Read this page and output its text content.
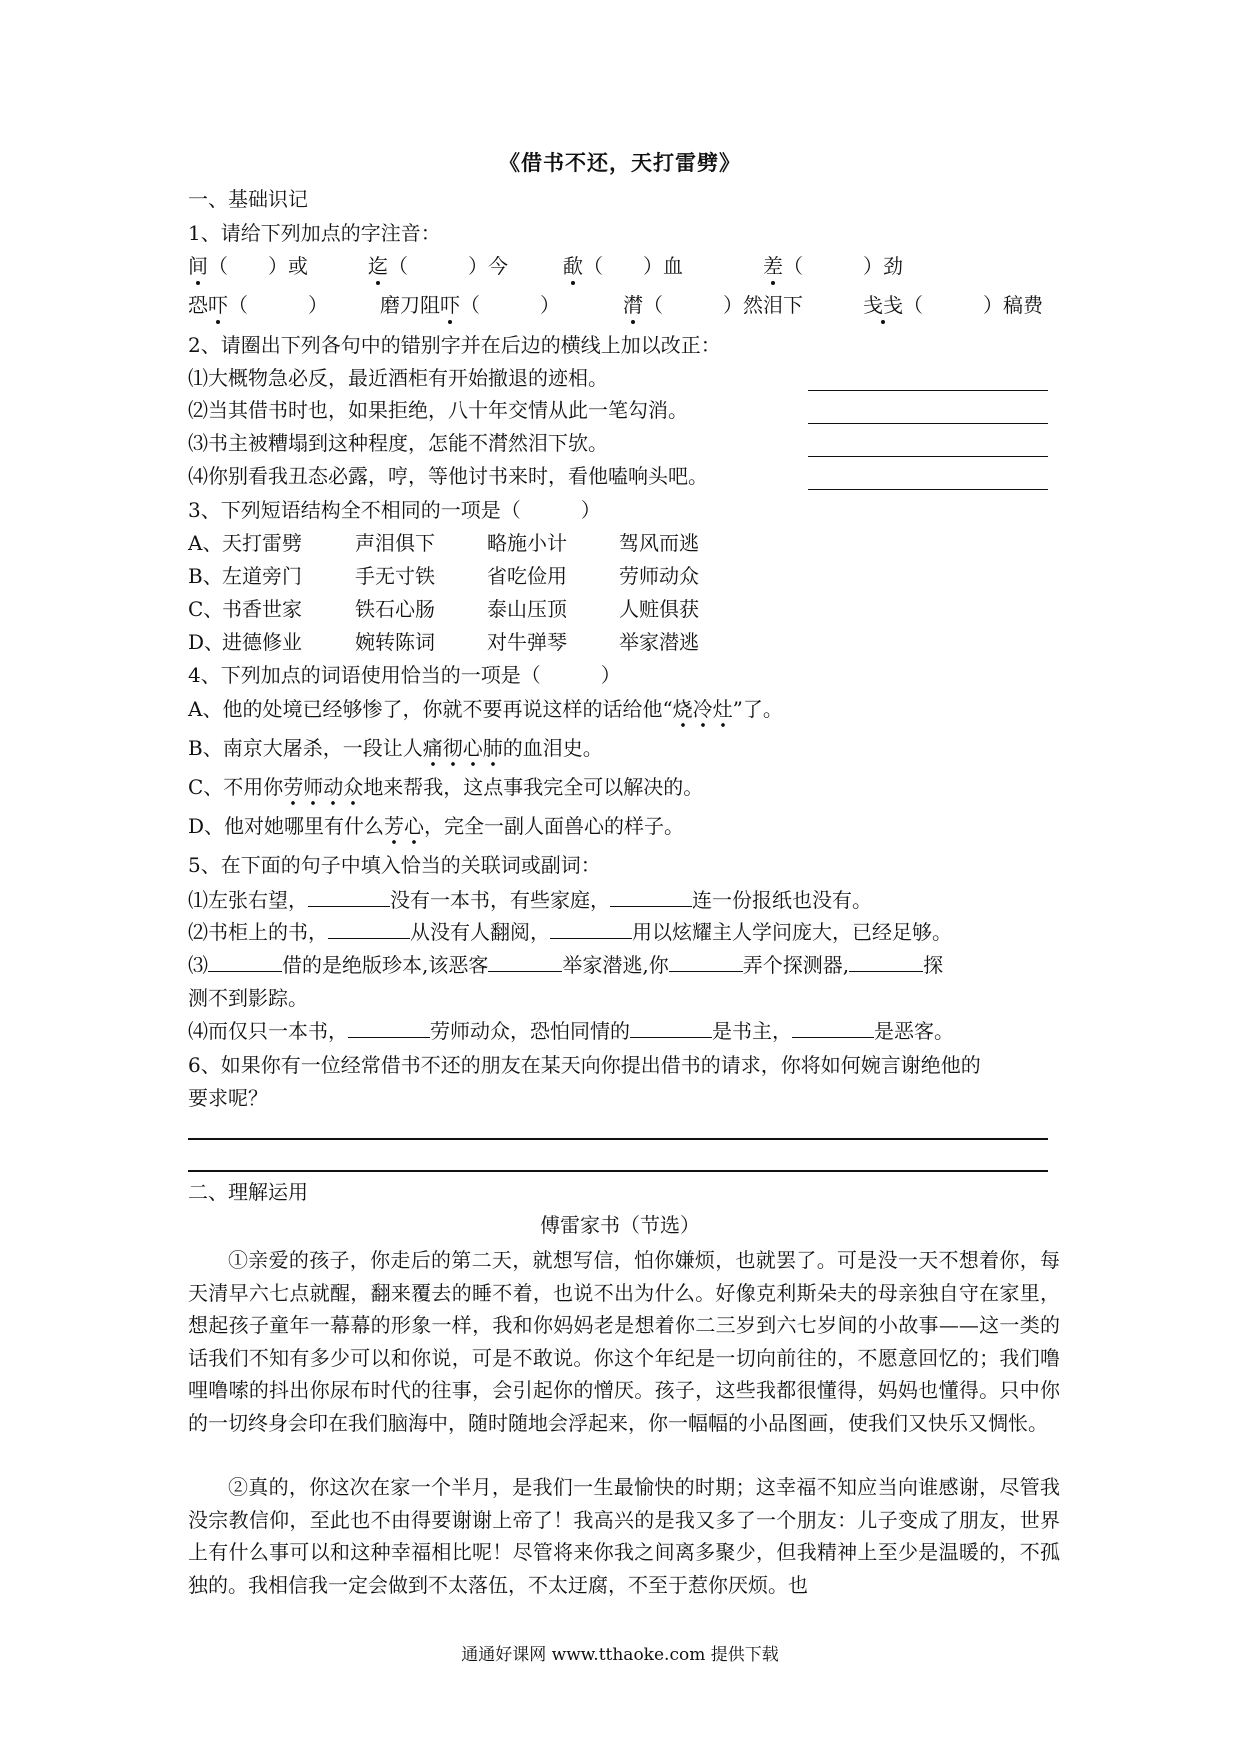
《借书不还，天打雷劈》
一、基础识记
1、请给下列加点的字注音：
间（　　）或	迄（　　　）今	歃（　　）血	差（　　　）劲
恐吓（　　　）	磨刀阻吓（　　　）	潸（　　　）然泪下	戋戋（　　　）稿费
2、请圈出下列各句中的错别字并在后边的横线上加以改正：
⑴大概物急必反，最近酒柜有开始撤退的迹相。
⑵当其借书时也，如果拒绝，八十年交情从此一笔勾消。
⑶书主被糟塌到这种程度，怎能不潸然泪下欤。
⑷你别看我丑态必露，哼，等他讨书来时，看他嗑响头吧。
3、下列短语结构全不相同的一项是（　　　）
A、天打雷劈	声泪俱下	略施小计	驾风而逃
B、左道旁门	手无寸铁	省吃俭用	劳师动众
C、书香世家	铁石心肠	泰山压顶	人赃俱获
D、进德修业	婉转陈词	对牛弹琴	举家潜逃
4、下列加点的词语使用恰当的一项是（　　　）
A、他的处境已经够惨了，你就不要再说这样的话给他“烧冷灶”了。
B、南京大屠杀，一段让人痛彻心肺的血泪史。
C、不用你劳师动众地来帮我，这点事我完全可以解决的。
D、他对她哪里有什么芳心，完全一副人面兽心的样子。
5、在下面的句子中填入恰当的关联词或副词：
⑴左张右望，	没有一本书，有些家庭，	连一份报纸也没有。
⑵书柜上的书，	从没有人翻阅，	用以炫耀主人学问庞大，已经足够。
⑶	借的是绝版珍本,该恶客	举家潜逃,你	弄个探测器,	探
测不到影踪。
⑷而仅只一本书，	劳师动众，恐怕同情的	是书主，	是恶客。
6、如果你有一位经常借书不还的朋友在某天向你提出借书的请求，你将如何婉言谢绝他的
要求呢？
二、理解运用
傅雷家书（节选）
①亲爱的孩子，你走后的第二天，就想写信，怕你嫌烦，也就罢了。可是没一天不想着你，每天清早六七点就醒，翻来覆去的睡不着，也说不出为什么。好像克利斯朵夫的母亲独自守在家里，想起孩子童年一幕幕的形象一样，我和你妈妈老是想着你二三岁到六七岁间的小故事——这一类的话我们不知有多少可以和你说，可是不敢说。你这个年纪是一切向前往的，不愿意回忆的；我们噜哩噜嗦的抖出你尿布时代的往事，会引起你的憎厌。孩子，这些我都很懂得，妈妈也懂得。只中你的一切终身会印在我们脑海中，随时随地会浮起来，你一幅幅的小品图画，使我们又快乐又惆怅。
②真的，你这次在家一个半月，是我们一生最愉快的时期；这幸福不知应当向谁感谢，尽管我没宗教信仰，至此也不由得要谢谢上帝了！我高兴的是我又多了一个朋友：儿子变成了朋友，世界上有什么事可以和这种幸福相比呢！尽管将来你我之间离多聚少，但我精神上至少是温暖的，不孤独的。我相信我一定会做到不太落伍，不太迂腐，不至于惹你厌烦。也
通通好课网 www.tthaoke.com 提供下载
